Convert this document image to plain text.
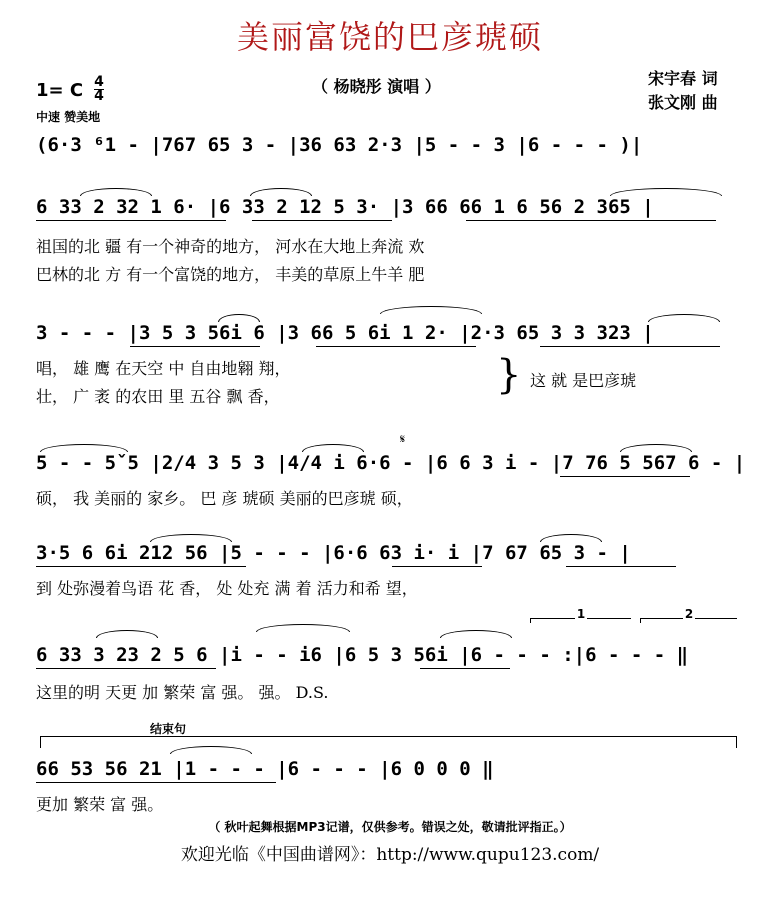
美丽富饶的巴彦琥硕
（ 杨晓彤 演唱 ）	宋宇春 词
张文刚 曲
1= C 4
4
中速 赞美地
(6·3 ⁶1 - |767 65 3 - |36 63 2·3 |5 - - 3 |6 - - - )|
6 33 2 32 1 6· |6 33 2 12 5 3· |3 66 66 1 6 56 2 365 |
祖国的北 疆 有一个神奇的地方， 河水在大地上奔流 欢
巴林的北 方 有一个富饶的地方， 丰美的草原上牛羊 肥
3 - - - |3 5 3 56i 6 |3 66 5 6i 1 2· |2·3 65 3 3 323 |
唱， 雄 鹰 在天空 中 自由地翱 翔，
壮， 广 袤 的农田 里 五谷 飘 香，	} 这 就 是巴彦琥
𝄋
5 - - 5ˇ5 |2/4 3 5 3 |4/4 i 6·6 - |6 6 3 i - |7 76 5 567 6 - |
硕， 我 美丽的 家乡。 巴 彦 琥硕 美丽的巴彦琥 硕，
3·5 6 6i 212 56 |5 - - - |6·6 63 i· i |7 67 65 3 - |
到 处弥漫着鸟语 花 香， 处 处充 满 着 活力和希 望，
1	2
6 33 3 23 2 5 6 |i - - i6 |6 5 3 56i |6 - - - :|6 - - - ‖
这里的明 天更 加 繁荣 富 强。 强。 D.S.
结束句
66 53 56 21 |1 - - - |6 - - - |6 0 0 0 ‖
更加 繁荣 富 强。
（ 秋叶起舞根据MP3记谱，仅供参考。错误之处，敬请批评指正。）
欢迎光临《中国曲谱网》：http://www.qupu123.com/
